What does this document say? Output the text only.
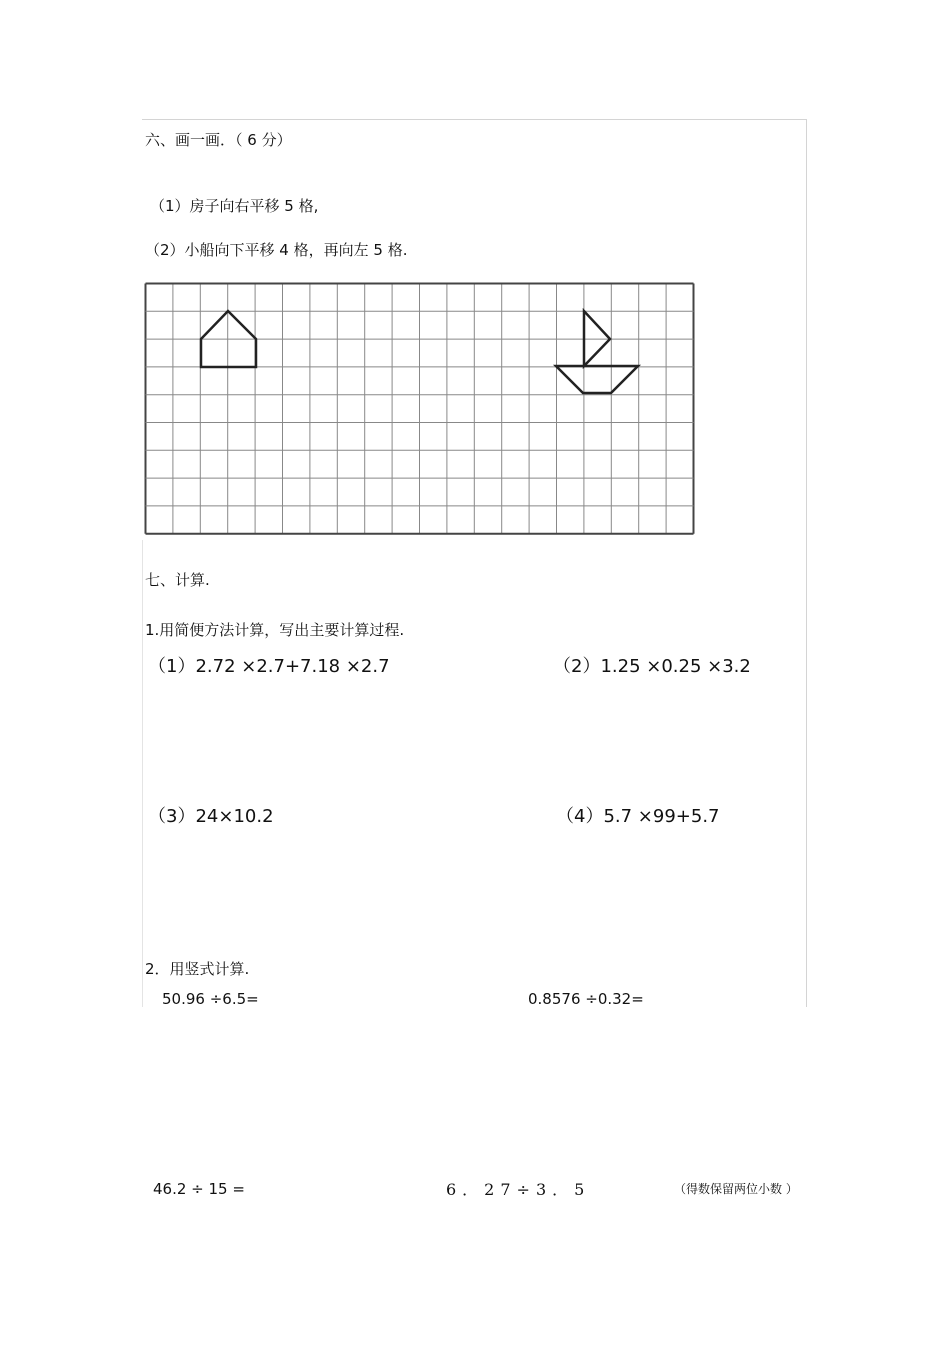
六、画一画．（ 6 分）
（1）房子向右平移 5 格,
（2）小船向下平移 4 格，再向左 5 格.
七、计算.
1.用简便方法计算，写出主要计算过程.
（1）2.72 ×2.7+7.18 ×2.7	（2）1.25 ×0.25 ×3.2
（3）24×10.2	（4）5.7 ×99+5.7
2．用竖式计算.
50.96 ÷6.5=	0.8576 ÷0.32=
46.2 ÷ 15 =	6．27÷3．5	（得数保留两位小数 ）
